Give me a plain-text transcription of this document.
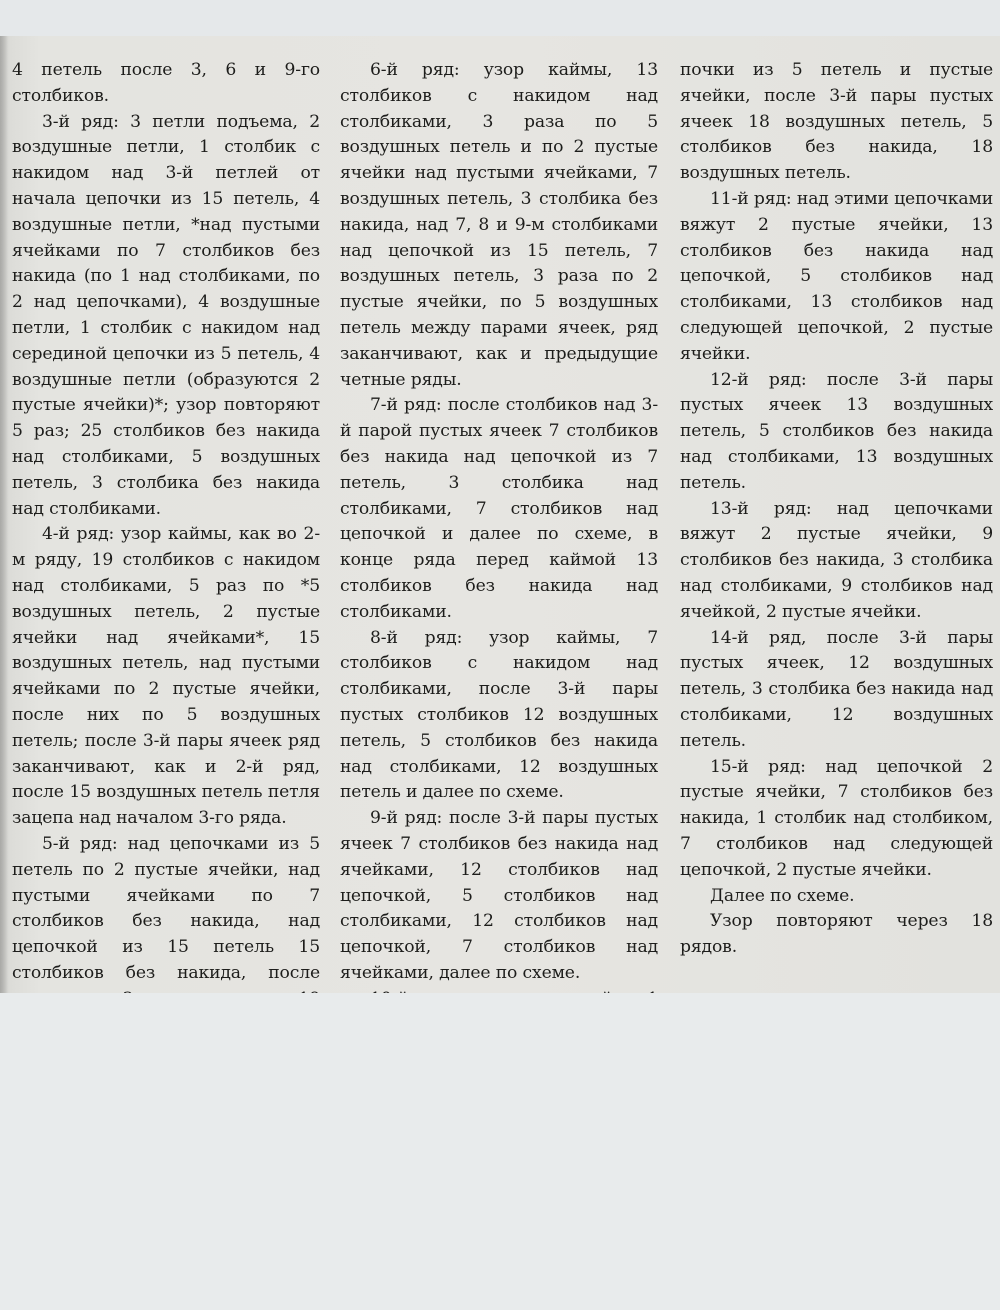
4 петель после 3, 6 и 9-го столбиков.

3-й ряд: 3 петли подъема, 2 воздушные петли, 1 столбик с накидом над 3-й петлей от начала цепочки из 15 петель, 4 воздушные петли, *над пустыми ячейками по 7 столбиков без накида (по 1 над столбиками, по 2 над цепочками), 4 воздушные петли, 1 столбик с накидом над серединой цепочки из 5 петель, 4 воздушные петли (образуются 2 пустые ячейки)*; узор повторяют 5 раз; 25 столбиков без накида над столбиками, 5 воздушных петель, 3 столбика без накида над столбиками.

4-й ряд: узор каймы, как во 2-м ряду, 19 столбиков с накидом над столбиками, 5 раз по *5 воздушных петель, 2 пустые ячейки над ячейками*, 15 воздушных петель, над пустыми ячейками по 2 пустые ячейки, после них по 5 воздушных петель; после 3-й пары ячеек ряд заканчивают, как и 2-й ряд, после 15 воздушных петель петля зацепа над началом 3-го ряда.

5-й ряд: над цепочками из 5 петель по 2 пустые ячейки, над пустыми ячейками по 7 столбиков без накида, над цепочкой из 15 петель 15 столбиков без накида, после

6-й ряд: узор каймы, 13 столбиков с накидом над столбиками, 3 раза по 5 воздушных петель и по 2 пустые ячейки над пустыми ячейками, 7 воздушных петель, 3 столбика без накида, над 7, 8 и 9-м столбиками над цепочкой из 15 петель, 7 воздушных петель, 3 раза по 2 пустые ячейки, по 5 воздушных петель между парами ячеек, ряд заканчивают, как и предыдущие четные ряды.

7-й ряд: после столбиков над 3-й парой пустых ячеек 7 столбиков без накида над цепочкой из 7 петель, 3 столбика над столбиками, 7 столбиков над цепочкой и далее по схеме, в конце ряда перед каймой 13 столбиков без накида над столбиками.

8-й ряд: узор каймы, 7 столбиков с накидом над столбиками, после 3-й пары пустых столбиков 12 воздушных петель, 5 столбиков без накида над столбиками, 12 воздушных петель и далее по схеме.

9-й ряд: после 3-й пары пустых ячеек 7 столбиков без накида над ячейками, 12 столбиков над цепочкой, 5 столбиков над столбиками, 12 столбиков над цепочкой, 7 столбиков над ячейками, далее по схеме.

почки из 5 петель и пустые ячейки, после 3-й пары пустых ячеек 18 воздушных петель, 5 столбиков без накида, 18 воздушных петель.

11-й ряд: над этими цепочками вяжут 2 пустые ячейки, 13 столбиков без накида над цепочкой, 5 столбиков над столбиками, 13 столбиков над следующей цепочкой, 2 пустые ячейки.

12-й ряд: после 3-й пары пустых ячеек 13 воздушных петель, 5 столбиков без накида над столбиками, 13 воздушных петель.

13-й ряд: над цепочками вяжут 2 пустые ячейки, 9 столбиков без накида, 3 столбика над столбиками, 9 столбиков над ячейкой, 2 пустые ячейки.

14-й ряд, после 3-й пары пустых ячеек, 12 воздушных петель, 3 столбика без накида над столбиками, 12 воздушных петель.

15-й ряд: над цепочкой 2 пустые ячейки, 7 столбиков без накида, 1 столбик над столбиком, 7 столбиков над следующей цепочкой, 2 пустые ячейки.

Далее по схеме.

Узор повторяют через 18 рядов.
